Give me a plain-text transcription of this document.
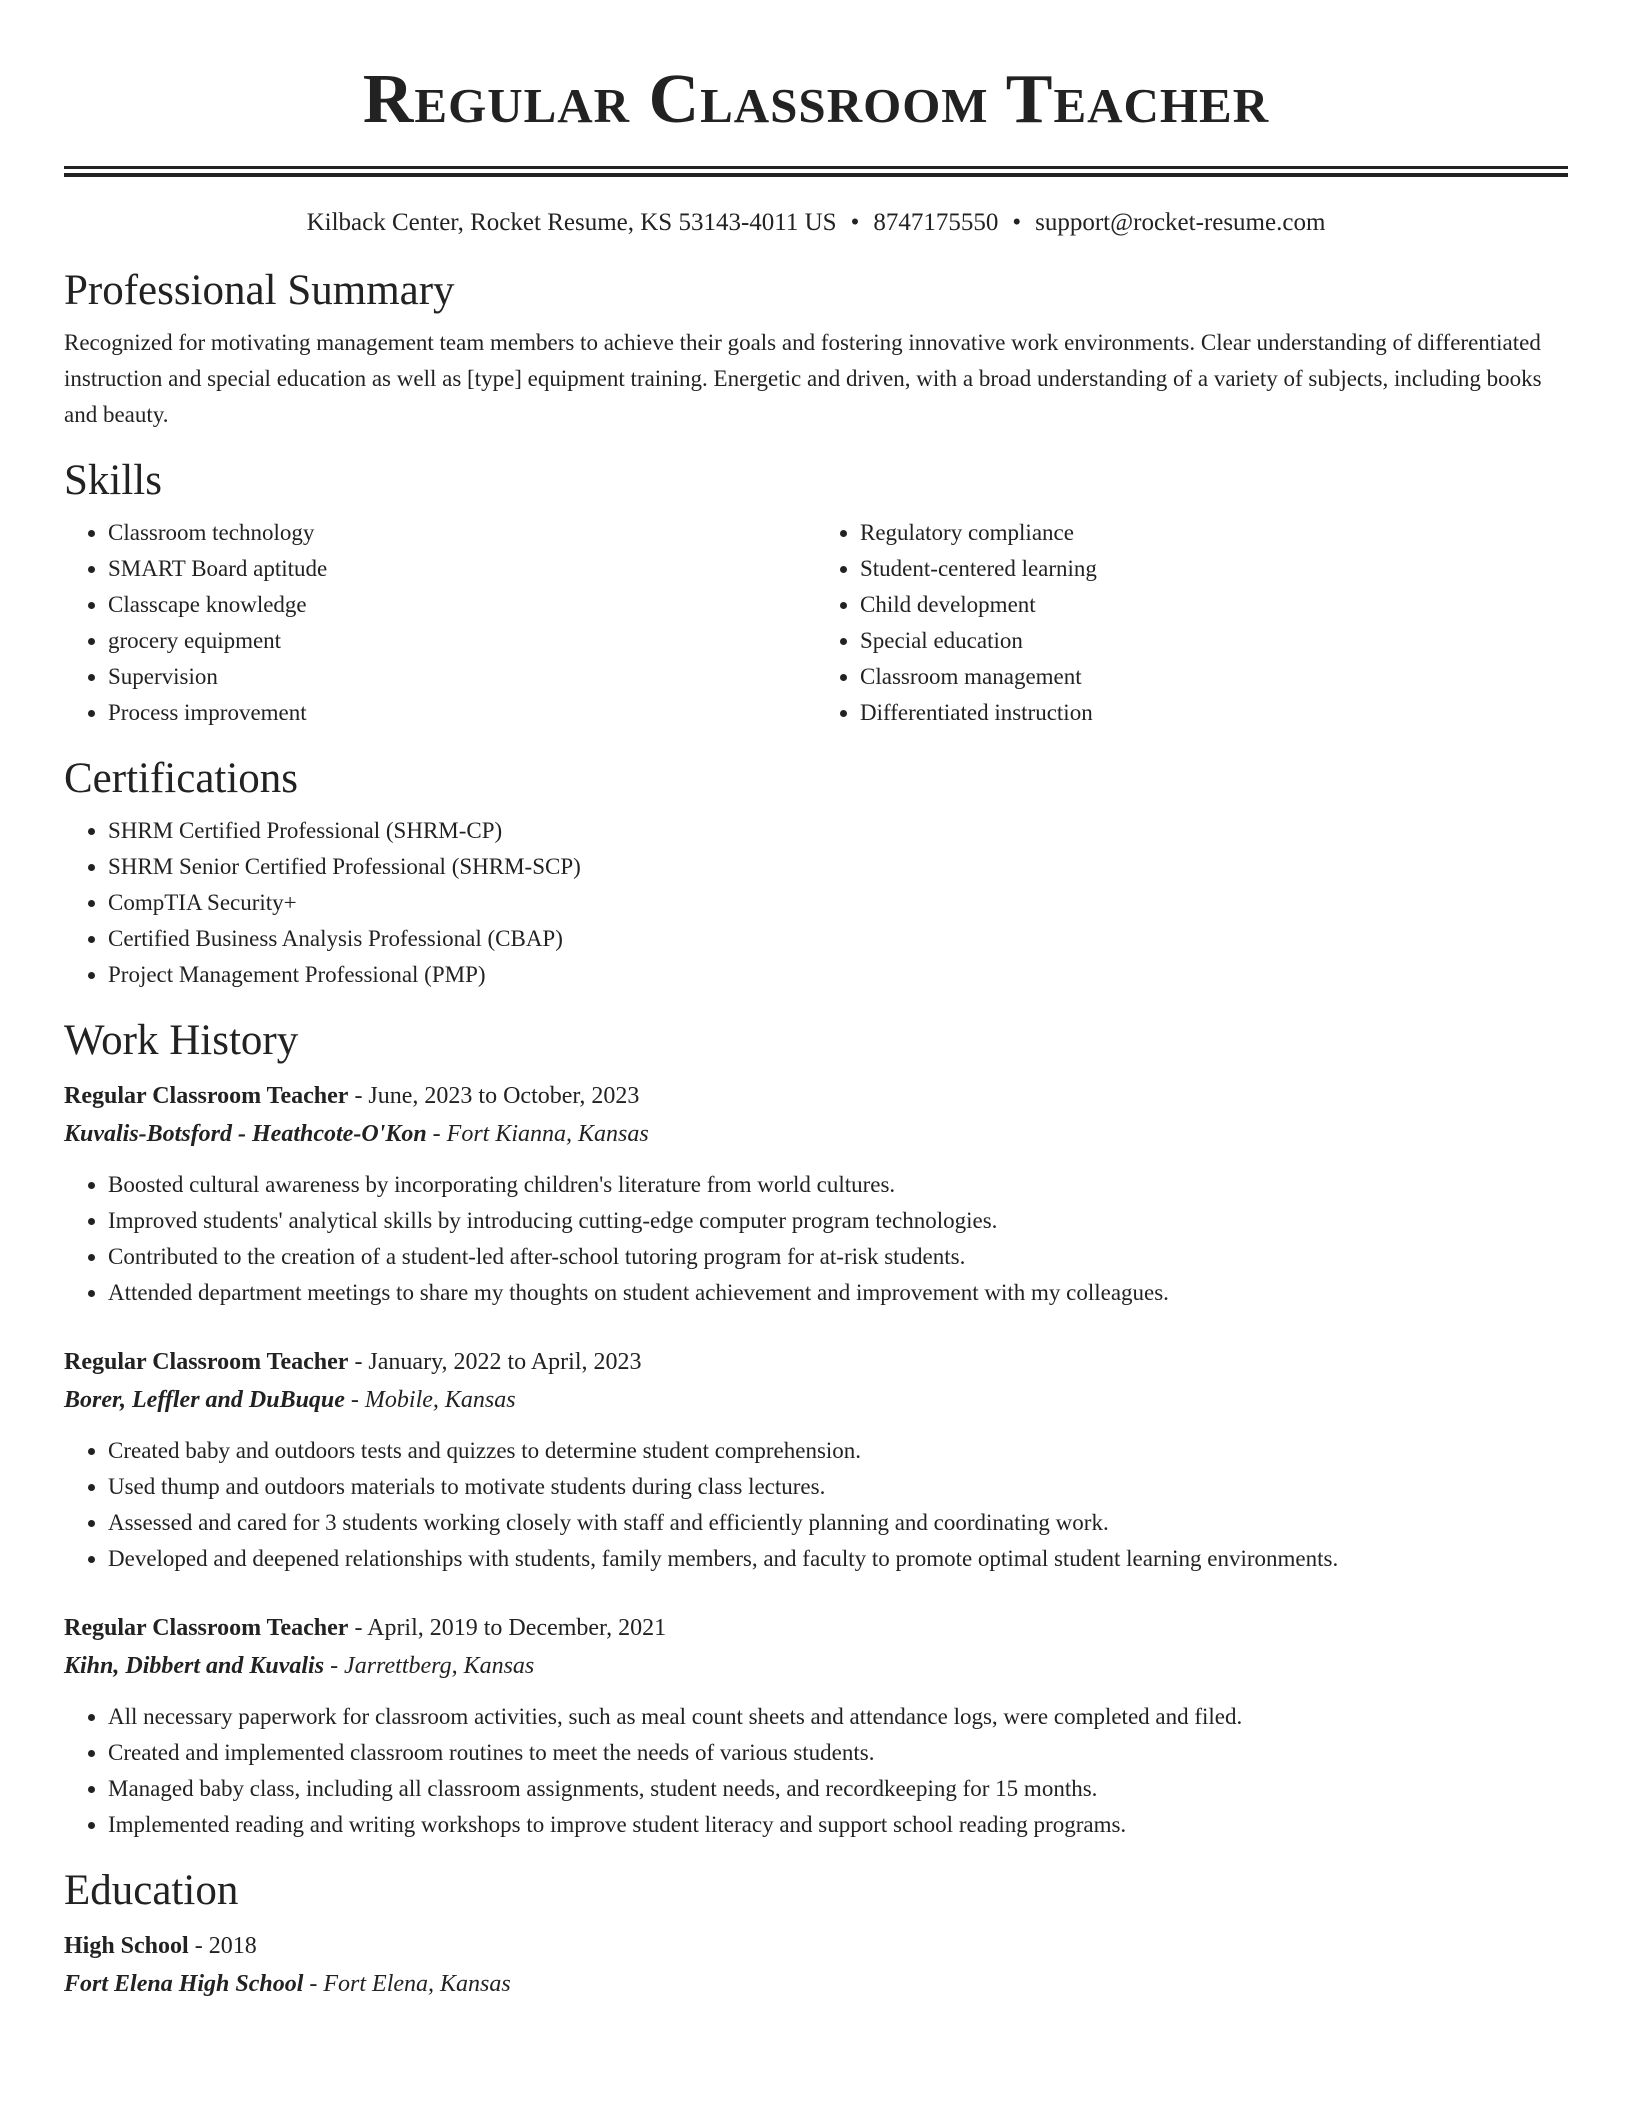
Regular Classroom Teacher
Kilback Center, Rocket Resume, KS 53143-4011 US • 8747175550 • support@rocket-resume.com
Professional Summary

Recognized for motivating management team members to achieve their goals and fostering innovative work environments. Clear understanding of differentiated instruction and special education as well as [type] equipment training. Energetic and driven, with a broad understanding of a variety of subjects, including books and beauty.

Skills
• Classroom technology
• SMART Board aptitude
• Classcape knowledge
• grocery equipment
• Supervision
• Process improvement
• Regulatory compliance
• Student-centered learning
• Child development
• Special education
• Classroom management
• Differentiated instruction
Certifications
• SHRM Certified Professional (SHRM-CP)
• SHRM Senior Certified Professional (SHRM-SCP)
• CompTIA Security+
• Certified Business Analysis Professional (CBAP)
• Project Management Professional (PMP)
Work History
Regular Classroom Teacher - June, 2023 to October, 2023
Kuvalis-Botsford - Heathcote-O'Kon - Fort Kianna, Kansas
• Boosted cultural awareness by incorporating children's literature from world cultures.
• Improved students' analytical skills by introducing cutting-edge computer program technologies.
• Contributed to the creation of a student-led after-school tutoring program for at-risk students.
• Attended department meetings to share my thoughts on student achievement and improvement with my colleagues.
Regular Classroom Teacher - January, 2022 to April, 2023
Borer, Leffler and DuBuque - Mobile, Kansas
• Created baby and outdoors tests and quizzes to determine student comprehension.
• Used thump and outdoors materials to motivate students during class lectures.
• Assessed and cared for 3 students working closely with staff and efficiently planning and coordinating work.
• Developed and deepened relationships with students, family members, and faculty to promote optimal student learning environments.
Regular Classroom Teacher - April, 2019 to December, 2021
Kihn, Dibbert and Kuvalis - Jarrettberg, Kansas
• All necessary paperwork for classroom activities, such as meal count sheets and attendance logs, were completed and filed.
• Created and implemented classroom routines to meet the needs of various students.
• Managed baby class, including all classroom assignments, student needs, and recordkeeping for 15 months.
• Implemented reading and writing workshops to improve student literacy and support school reading programs.
Education
High School - 2018
Fort Elena High School - Fort Elena, Kansas
